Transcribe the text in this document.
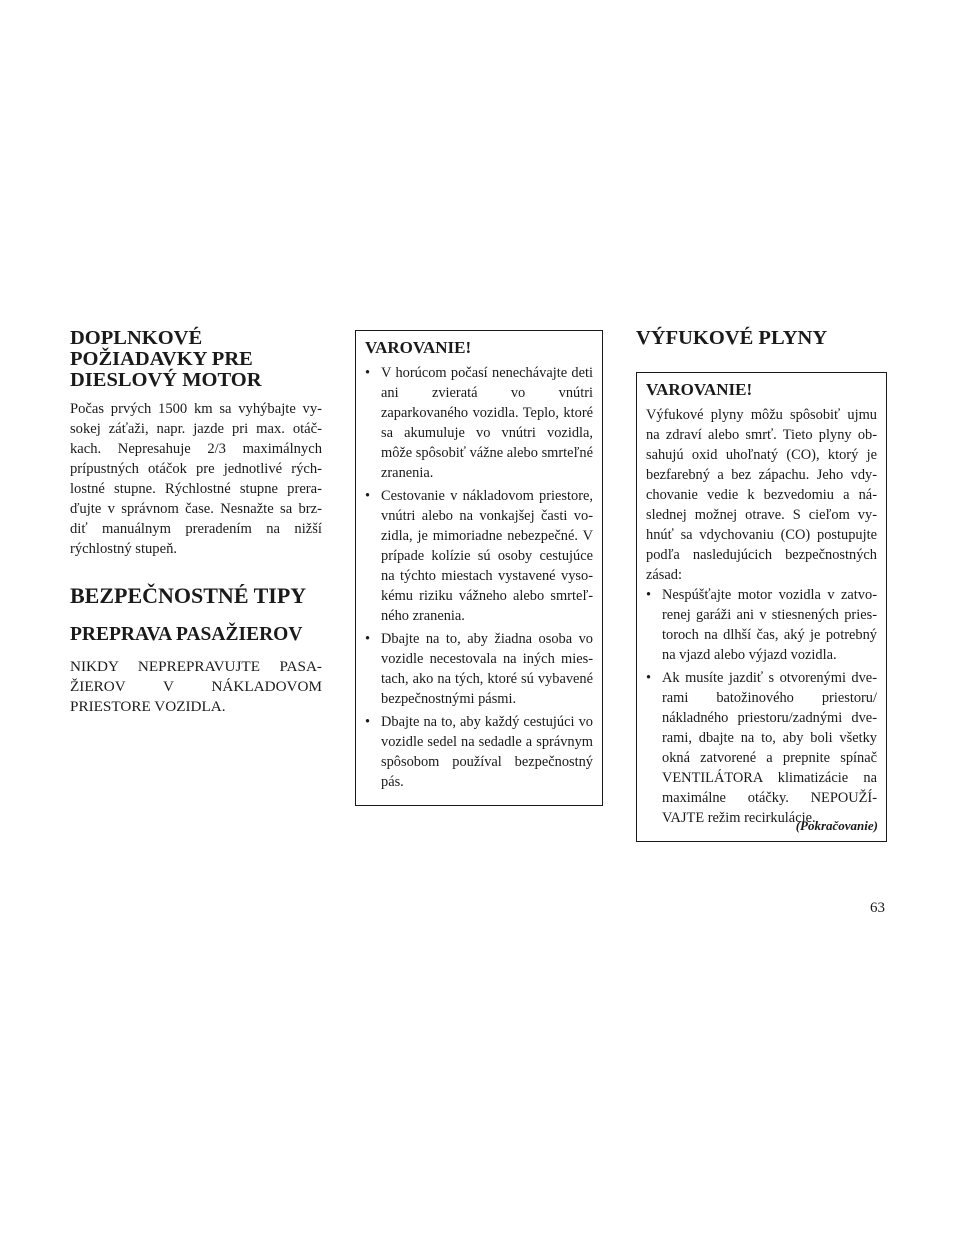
DOPLNKOVÉ POŽIADAVKY PRE DIESLOVÝ MOTOR

Počas prvých 1500 km sa vyhýbajte vy-sokej záťaži, napr. jazde pri max. otáč-kach. Nepresahuje 2/3 maximálnych prípustných otáčok pre jednotlivé rých-lostné stupne. Rýchlostné stupne prera-ďujte v správnom čase. Nesnažte sa brz-diť manuálnym preradením na nižší rýchlostný stupeň.

BEZPEČNOSTNÉ TIPY
PREPRAVA PASAŽIEROV

NIKDY NEPREPRAVUJTE PASA-ŽIEROV V NÁKLADOVOM PRIESTORE VOZIDLA.

VAROVANIE!
• V horúcom počasí nenechávajte deti ani zvieratá vo vnútri zaparkovaného vozidla. Teplo, ktoré sa akumuluje vo vnútri vozidla, môže spôsobiť vážne alebo smrteľné zranenia.
• Cestovanie v nákladovom priestore, vnútri alebo na vonkajšej časti vo-zidla, je mimoriadne nebezpečné. V prípade kolízie sú osoby cestujúce na týchto miestach vystavené vyso-kému riziku vážneho alebo smrteľ-ného zranenia.
• Dbajte na to, aby žiadna osoba vo vozidle necestovala na iných mies-tach, ako na tých, ktoré sú vybavené bezpečnostnými pásmi.
• Dbajte na to, aby každý cestujúci vo vozidle sedel na sedadle a správnym spôsobom používal bezpečnostný pás.
VÝFUKOVÉ PLYNY
VAROVANIE!

Výfukové plyny môžu spôsobiť ujmu na zdraví alebo smrť. Tieto plyny ob-sahujú oxid uhoľnatý (CO), ktorý je bezfarebný a bez zápachu. Jeho vdy-chovanie vedie k bezvedomiu a ná-slednej možnej otrave. S cieľom vy-hnúť sa vdychovaniu (CO) postupujte podľa nasledujúcich bezpečnostných zásad:

• Nespúšťajte motor vozidla v zatvo-renej garáži ani v stiesnených pries-toroch na dlhší čas, aký je potrebný na vjazd alebo výjazd vozidla.
• Ak musíte jazdiť s otvorenými dve-rami batožinového priestoru/ nákladného priestoru/zadnými dve-rami, dbajte na to, aby boli všetky okná zatvorené a prepnite spínač VENTILÁTORA klimatizácie na maximálne otáčky. NEPOUŽÍ-VAJTE režim recirkulácie.
(Pokračovanie)
63
